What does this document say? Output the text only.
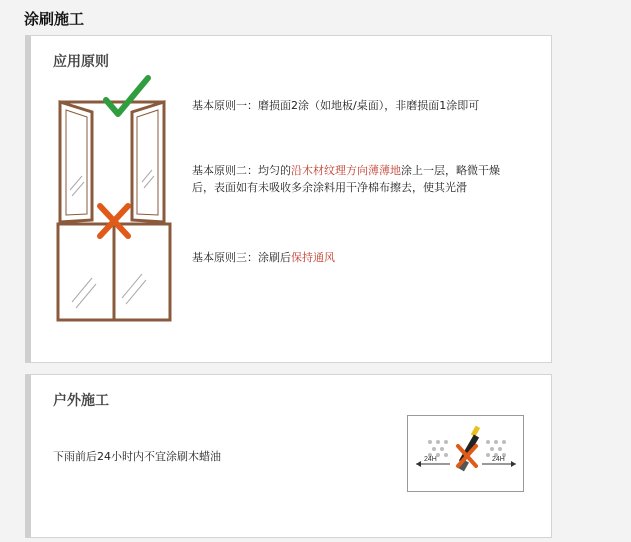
涂刷施工
应用原则
基本原则一：磨损面2涂（如地板/桌面），非磨损面1涂即可
基本原则二：均匀的沿木材纹理方向薄薄地涂上一层，略微干燥
后，表面如有未吸收多余涂料用干净棉布擦去，使其光滑
基本原则三：涂刷后保持通风
户外施工
下雨前后24小时内不宜涂刷木蜡油	24H	24H
